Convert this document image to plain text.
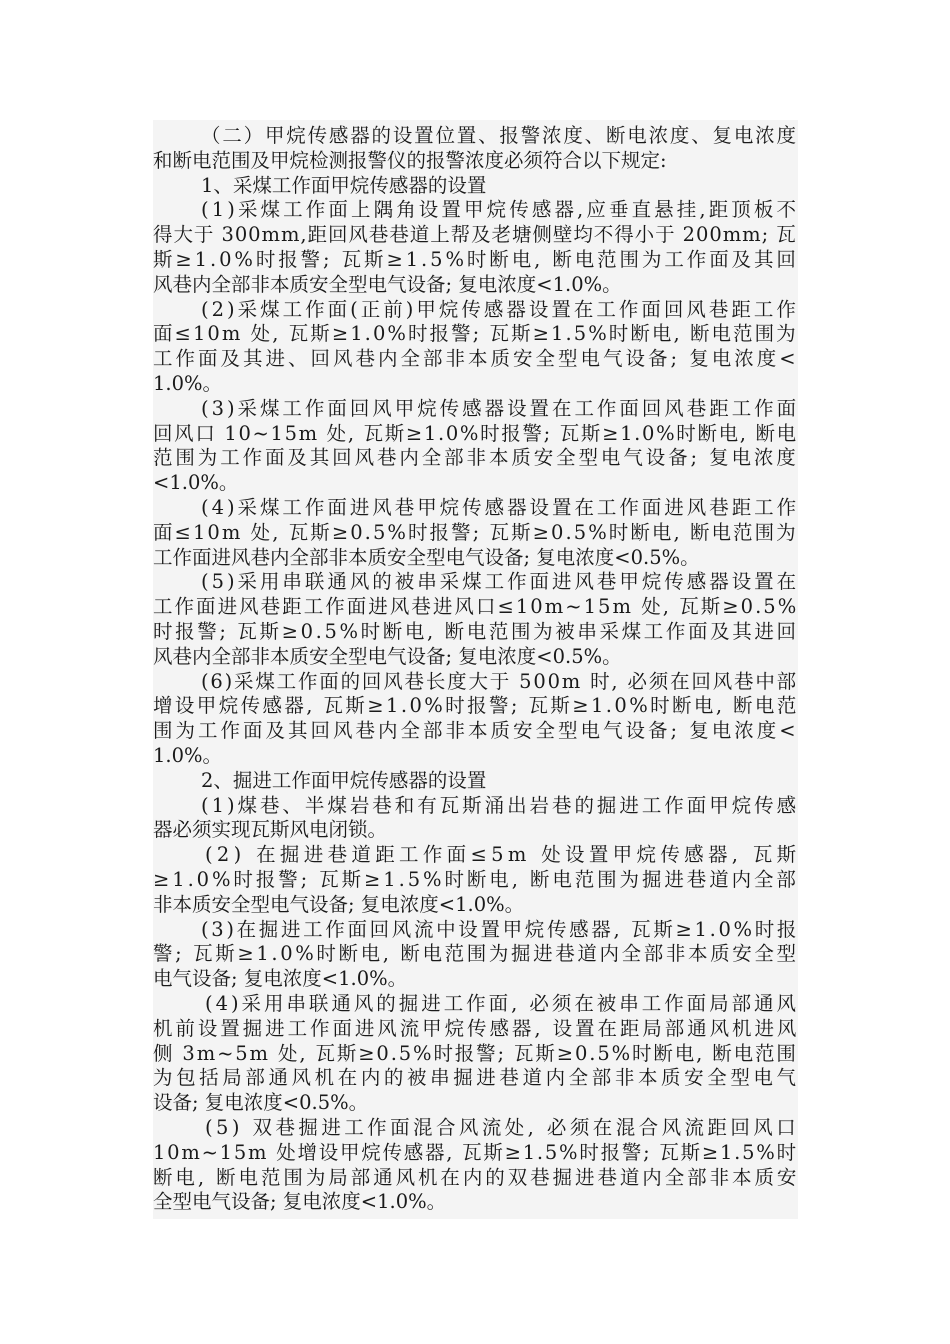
（二）甲烷传感器的设置位置、报警浓度、断电浓度、复电浓度
和断电范围及甲烷检测报警仪的报警浓度必须符合以下规定:
1、采煤工作面甲烷传感器的设置
(1)采煤工作面上隅角设置甲烷传感器,应垂直悬挂,距顶板不
得大于 300mm,距回风巷巷道上帮及老塘侧壁均不得小于 200mm; 瓦
斯≥1.0%时报警; 瓦斯≥1.5%时断电, 断电范围为工作面及其回
风巷内全部非本质安全型电气设备; 复电浓度<1.0%。
(2)采煤工作面(正前)甲烷传感器设置在工作面回风巷距工作
面≤10m 处, 瓦斯≥1.0%时报警; 瓦斯≥1.5%时断电, 断电范围为
工作面及其进、回风巷内全部非本质安全型电气设备; 复电浓度<
1.0%。
(3)采煤工作面回风甲烷传感器设置在工作面回风巷距工作面
回风口 10~15m 处, 瓦斯≥1.0%时报警; 瓦斯≥1.0%时断电, 断电
范围为工作面及其回风巷内全部非本质安全型电气设备; 复电浓度
<1.0%。
(4)采煤工作面进风巷甲烷传感器设置在工作面进风巷距工作
面≤10m 处, 瓦斯≥0.5%时报警; 瓦斯≥0.5%时断电, 断电范围为
工作面进风巷内全部非本质安全型电气设备; 复电浓度<0.5%。
(5)采用串联通风的被串采煤工作面进风巷甲烷传感器设置在
工作面进风巷距工作面进风巷进风口≤10m~15m 处, 瓦斯≥0.5%
时报警; 瓦斯≥0.5%时断电, 断电范围为被串采煤工作面及其进回
风巷内全部非本质安全型电气设备; 复电浓度<0.5%。
(6)采煤工作面的回风巷长度大于 500m 时, 必须在回风巷中部
增设甲烷传感器, 瓦斯≥1.0%时报警; 瓦斯≥1.0%时断电, 断电范
围为工作面及其回风巷内全部非本质安全型电气设备; 复电浓度<
1.0%。
2、掘进工作面甲烷传感器的设置
(1)煤巷、半煤岩巷和有瓦斯涌出岩巷的掘进工作面甲烷传感
器必须实现瓦斯风电闭锁。
(2) 在掘进巷道距工作面≤5m 处设置甲烷传感器, 瓦斯
≥1.0%时报警; 瓦斯≥1.5%时断电, 断电范围为掘进巷道内全部
非本质安全型电气设备; 复电浓度<1.0%。
(3)在掘进工作面回风流中设置甲烷传感器, 瓦斯≥1.0%时报
警; 瓦斯≥1.0%时断电, 断电范围为掘进巷道内全部非本质安全型
电气设备; 复电浓度<1.0%。
(4)采用串联通风的掘进工作面, 必须在被串工作面局部通风
机前设置掘进工作面进风流甲烷传感器, 设置在距局部通风机进风
侧 3m~5m 处, 瓦斯≥0.5%时报警; 瓦斯≥0.5%时断电, 断电范围
为包括局部通风机在内的被串掘进巷道内全部非本质安全型电气
设备; 复电浓度<0.5%。
(5) 双巷掘进工作面混合风流处, 必须在混合风流距回风口
10m~15m 处增设甲烷传感器, 瓦斯≥1.5%时报警; 瓦斯≥1.5%时
断电, 断电范围为局部通风机在内的双巷掘进巷道内全部非本质安
全型电气设备; 复电浓度<1.0%。
